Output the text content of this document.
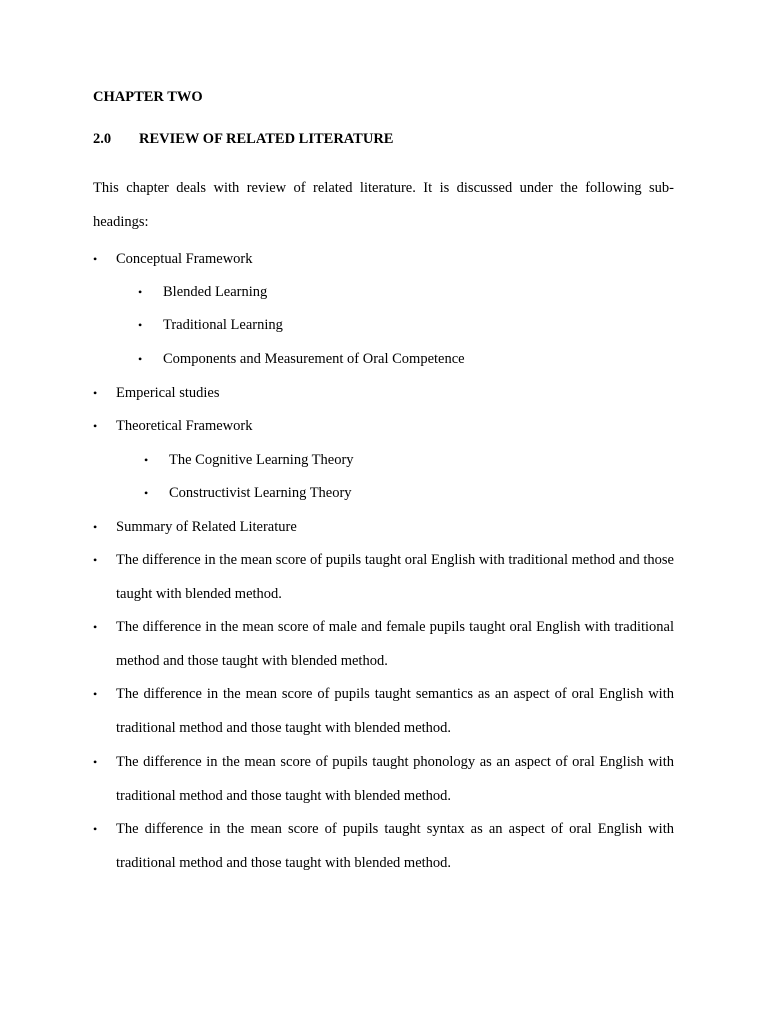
CHAPTER TWO

2.0 REVIEW OF RELATED LITERATURE

This chapter deals with review of related literature. It is discussed under the following sub-headings:

• Conceptual Framework

• Blended Learning

• Traditional Learning

• Components and Measurement of Oral Competence

• Emperical studies

• Theoretical Framework

• The Cognitive Learning Theory

• Constructivist Learning Theory

• Summary of Related Literature

• The difference in the mean score of pupils taught oral English with traditional method and those taught with blended method.

• The difference in the mean score of male and female pupils taught oral English with traditional method and those taught with blended method.

• The difference in the mean score of pupils taught semantics as an aspect of oral English with traditional method and those taught with blended method.

• The difference in the mean score of pupils taught phonology as an aspect of oral English with traditional method and those taught with blended method.

• The difference in the mean score of pupils taught syntax as an aspect of oral English with traditional method and those taught with blended method.
